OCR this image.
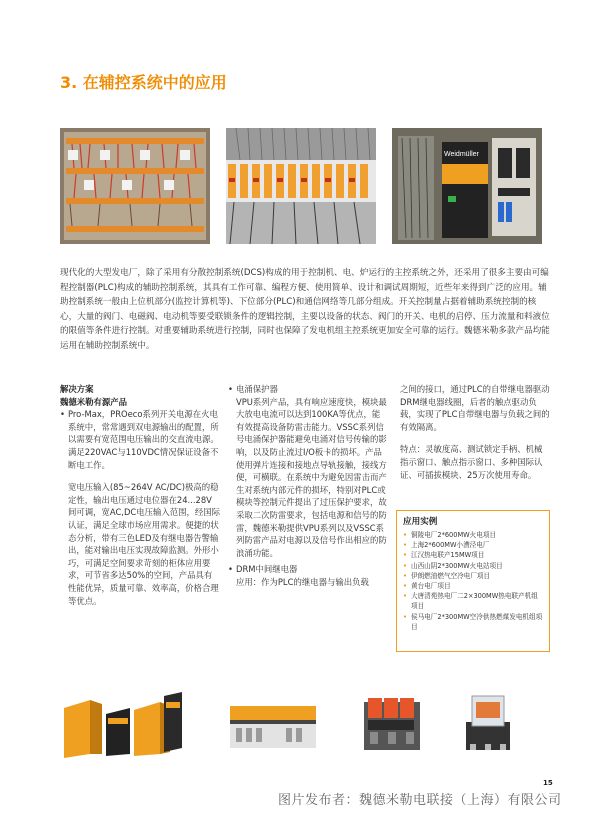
3. 在辅控系统中的应用
Weidmüller

现代化的大型发电厂，除了采用有分散控制系统(DCS)构成的用于控制机、电、炉运行的主控系统之外，还采用了很多主要由可编程控制器(PLC)构成的辅助控制系统，其具有工作可靠、编程方便、使用简单、设计和调试周期短，近些年来得到广泛的应用。辅助控制系统一般由上位机部分(监控计算机等)、下位部分(PLC)和通信网络等几部分组成。开关控制量占据着辅助系统控制的核心，大量的阀门、电磁阀、电动机等要受联锁条件的逻辑控制，主要以设备的状态、阀门的开关、电机的启停、压力流量和料液位的限值等条件进行控制。对重要辅助系统进行控制，同时也保障了发电机组主控系统更加安全可靠的运行。魏德米勒多款产品均能运用在辅助控制系统中。

解决方案

魏德米勒有源产品

• Pro-Max，PROeco系列开关电源在火电系统中，常常遇到双电源输出的配置，所以需要有宽范围电压输出的交直流电源。满足220VAC与110VDC情况保证设备不断电工作。

宽电压输入(85~264V AC/DC)极高的稳定性，输出电压通过电位器在24...28V间可调，宽AC,DC电压输入范围，经国际认证，满足全球市场应用需求。便捷的状态分析，带有三色LED及有继电器告警输出，能对输出电压实现故障监测。外形小巧，可满足空间要求苛刻的柜体应用要求，可节省多达50%的空间，产品具有性能优异，质量可靠、效率高，价格合理等优点。

• 电涌保护器

VPU系列产品，具有响应速度快，模块最大放电电流可以达到100KA等优点，能有效提高设备防雷击能力。VSSC系列信号电涌保护器能避免电涌对信号传输的影响，以及防止流过I/O板卡的损坏。产品使用弹片连接和接地点导轨接触，接线方便，可横联。在系统中为避免因雷击而产生对系统内部元件的损坏，特别对PLC或模块等控制元件提出了过压保护要求，故采取二次防雷要求，包括电源和信号的防雷，魏德米勒提供VPU系列以及VSSC系列防雷产品对电源以及信号作出相应的防浪涌功能。

• DRM中间继电器

应用：作为PLC的继电器与输出负载

之间的接口，通过PLC的自带继电器驱动DRM继电器线圈，后者的触点驱动负载，实现了PLC自带继电器与负载之间的有效隔离。

特点：灵敏度高、测试锁定手柄、机械指示窗口、触点指示窗口、多种国际认证、可插拔模块、25万次使用寿命。

应用实例
• 铜陵电厂2*600MW火电项目
• 上海2*600MW小漕泾电厂
• 江汉热电联产15MW项目
• 山西山阴2*300MW火电站项目
• 伊朗燃油燃气空冷电厂项目
• 黄台电厂项目
• 大唐清苑热电厂二2×300MW热电联产机组项目
• 侯马电厂2*300MW空冷供热燃煤发电机组项目
15
图片发布者：魏德米勒电联接（上海）有限公司
